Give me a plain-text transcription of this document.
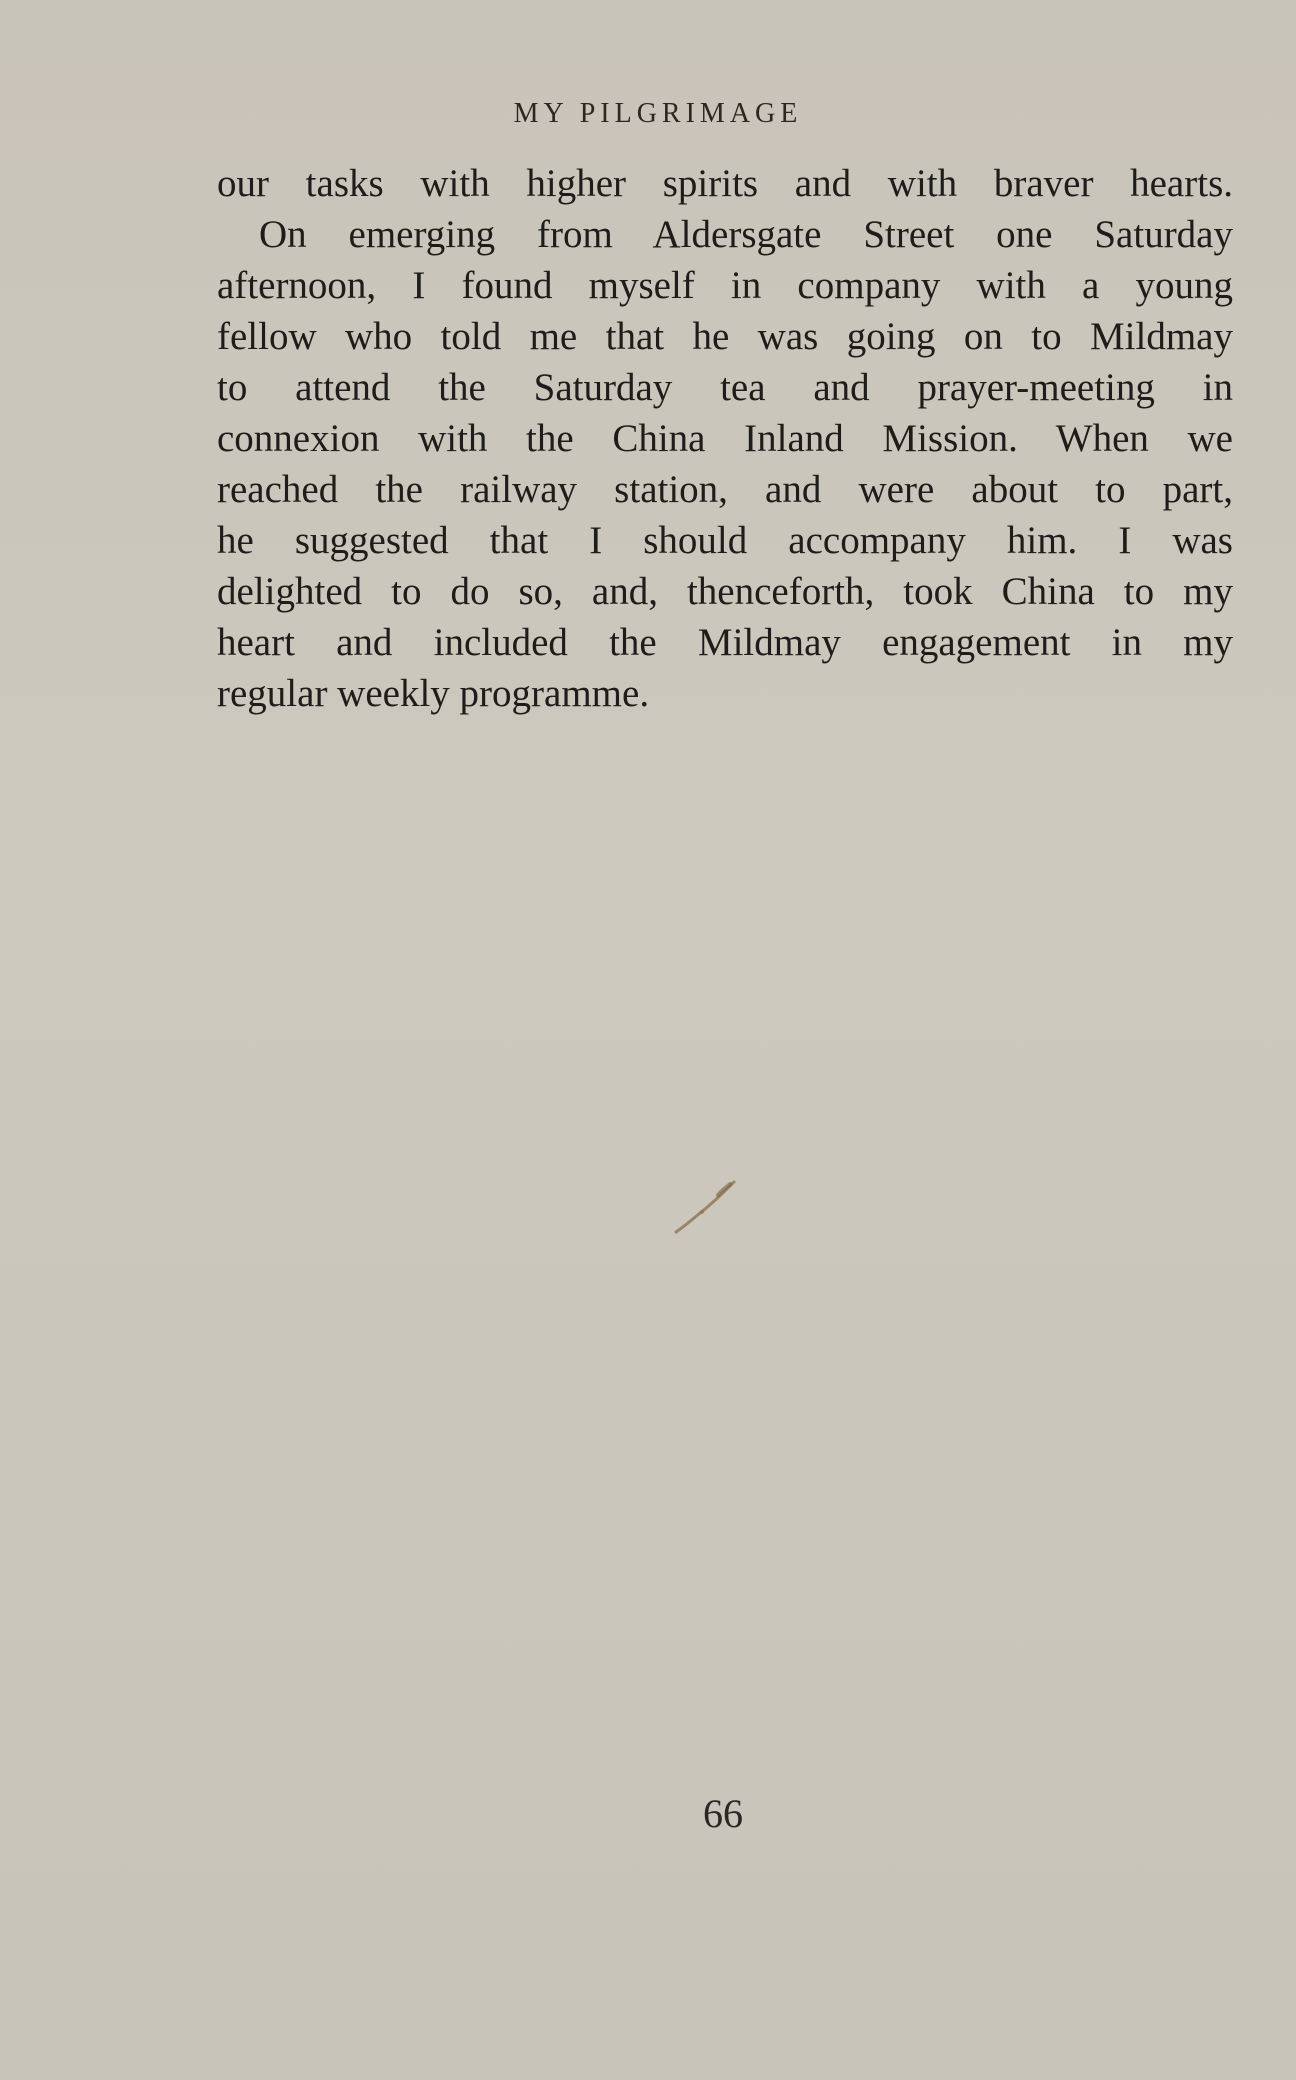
MY PILGRIMAGE
our tasks with higher spirits and with braver hearts.
On emerging from Aldersgate Street one Saturday
afternoon, I found myself in company with a young
fellow who told me that he was going on to Mildmay
to attend the Saturday tea and prayer-meeting in
connexion with the China Inland Mission. When we
reached the railway station, and were about to part,
he suggested that I should accompany him. I was
delighted to do so, and, thenceforth, took China to my
heart and included the Mildmay engagement in my
regular weekly programme.
66
